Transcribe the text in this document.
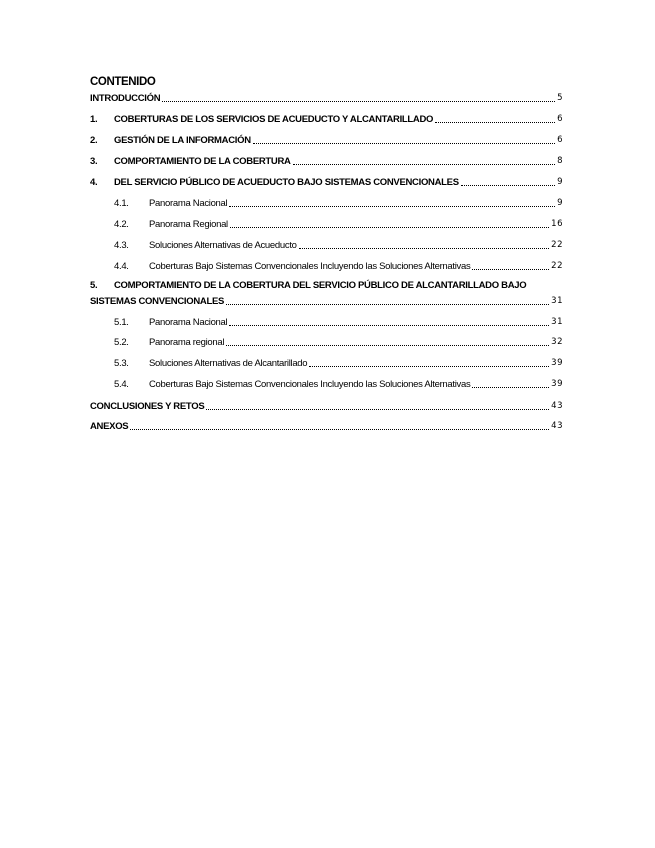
CONTENIDO
INTRODUCCIÓN	5
1.	COBERTURAS DE LOS SERVICIOS DE ACUEDUCTO Y ALCANTARILLADO	6
2.	GESTIÓN DE LA INFORMACIÓN	6
3.	COMPORTAMIENTO DE LA COBERTURA	8
4.	DEL SERVICIO PÚBLICO DE ACUEDUCTO BAJO SISTEMAS CONVENCIONALES	9
4.1.	Panorama Nacional	9
4.2.	Panorama Regional	16
4.3.	Soluciones Alternativas de Acueducto	22
4.4.	Coberturas Bajo Sistemas Convencionales Incluyendo las Soluciones Alternativas	22
5. COMPORTAMIENTO DE LA COBERTURA DEL SERVICIO PÚBLICO DE ALCANTARILLADO BAJO
SISTEMAS CONVENCIONALES	31
5.1.	Panorama Nacional	31
5.2.	Panorama regional	32
5.3.	Soluciones Alternativas de Alcantarillado	39
5.4.	Coberturas Bajo Sistemas Convencionales Incluyendo las Soluciones Alternativas	39
CONCLUSIONES Y RETOS	43
ANEXOS	43
